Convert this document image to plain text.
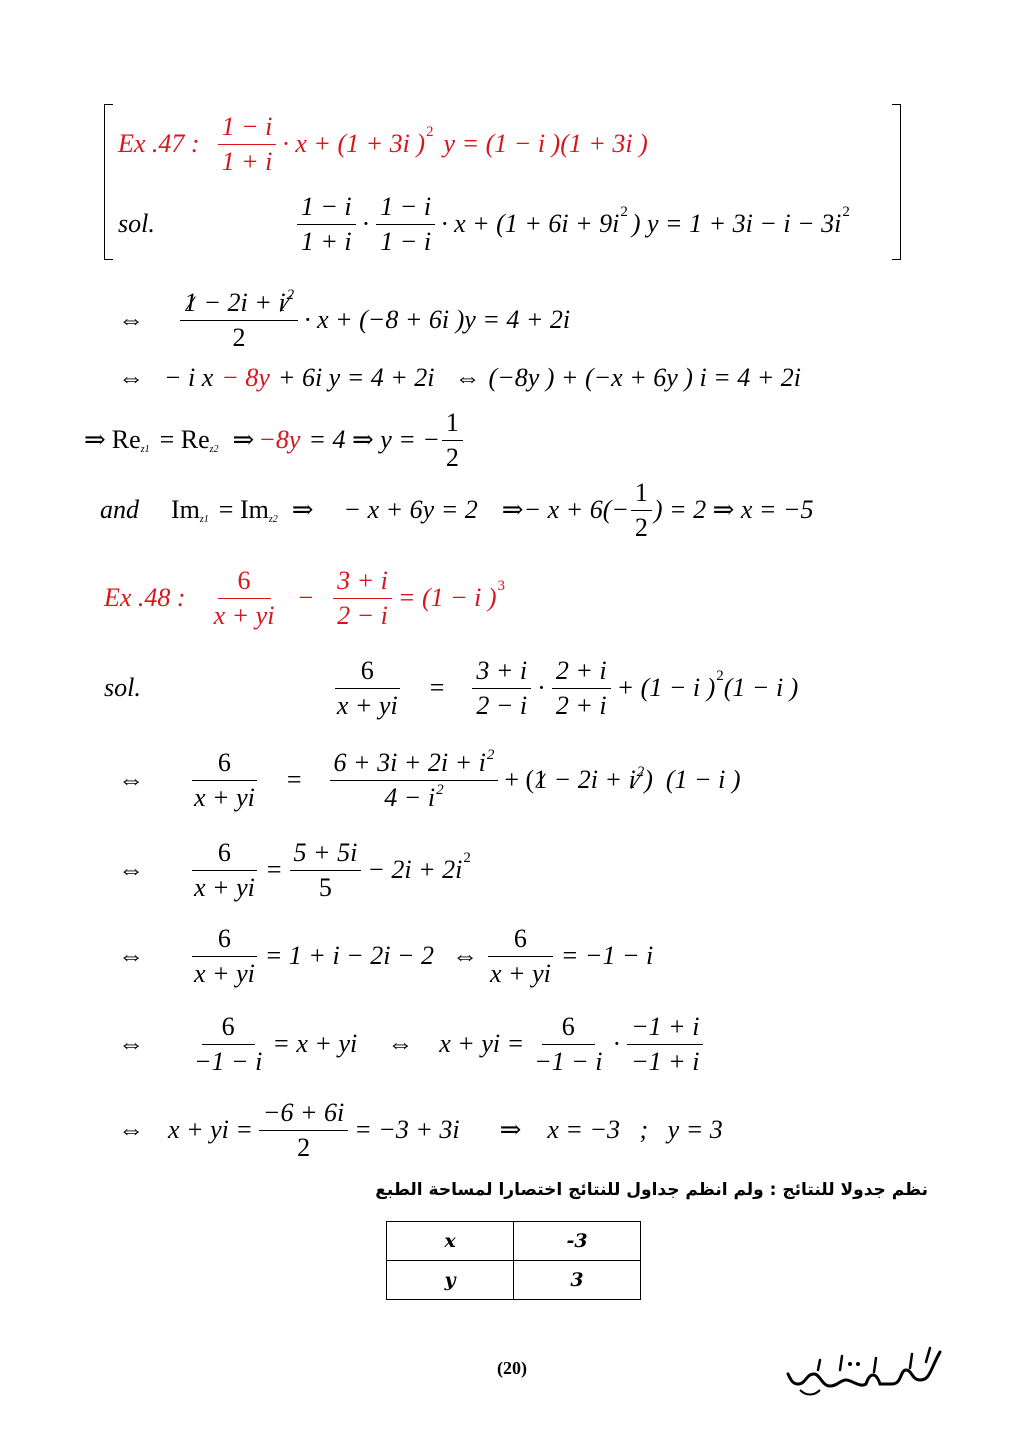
Ex .47 : $\frac{1 - i}{1 + i} \cdot x + (1 + 3i$ ) 2 y = (1 − i )(1 + 3i )
sol.	$\frac{1 - i}{1 + i} \cdot \frac{1 - i}{1 - i} \cdot x + (1 + 6i + 9i$ 2 ) y = 1 + 3i − i − 3i 2
⇔ $\frac{1 - 2i + i^2}{2} \cdot x + (-8 + 6i$ )y = 4 + 2i
⇔ − i x − 8y + 6i y = 4 + 2i ⇔ (−8y ) + (−x + 6y ) i = 4 + 2i
⇒ Re z1 = Re z2 ⇒ −8y = 4 ⇒ y = − $\frac{1}{2}$
and Im z1 = Im z2 ⇒ − x + 6y = 2 ⇒ − $x + 6(- \frac{1}{2}$ ) = 2 ⇒ x = −5
Ex .48 : $\frac{6}{x + yi} - \frac{3 + i}{2 - i} = (1 - i$ ) 3
sol.	$\frac{6}{x + yi} = \frac{3 + i}{2 - i} \cdot \frac{2 + i}{2 + i} + (1 - i$ ) 2 (1 − i )
⇔ $\frac{6}{x + yi} = \frac{6 + 3i + 2i + i^2}{4 - i^2}$ + ( $1 - 2i + i^2$ )  (1 − i )
⇔ $\frac{6}{x + yi} = \frac{5 + 5i}{5} - 2i + 2i$ 2
⇔ $\frac{6}{x + yi} = 1 + i - 2i - 2$ ⇔ $\frac{6}{x + yi} = -1 - i$
⇔ $\frac{6}{-1 - i} = x$ + yi ⇔ x + yi = $\frac{6}{-1 - i} \cdot \frac{-1 + i}{-1 + i}$
⇔ x + yi = $\frac{-6 + 6i}{2} = -3 + 3i$ ⇒ x = −3   ;   y = 3
نظم جدولا للنتائج : ولم انظم جداول للنتائج اختصارا لمساحة الطبع
x	-3
y	3
(20)
